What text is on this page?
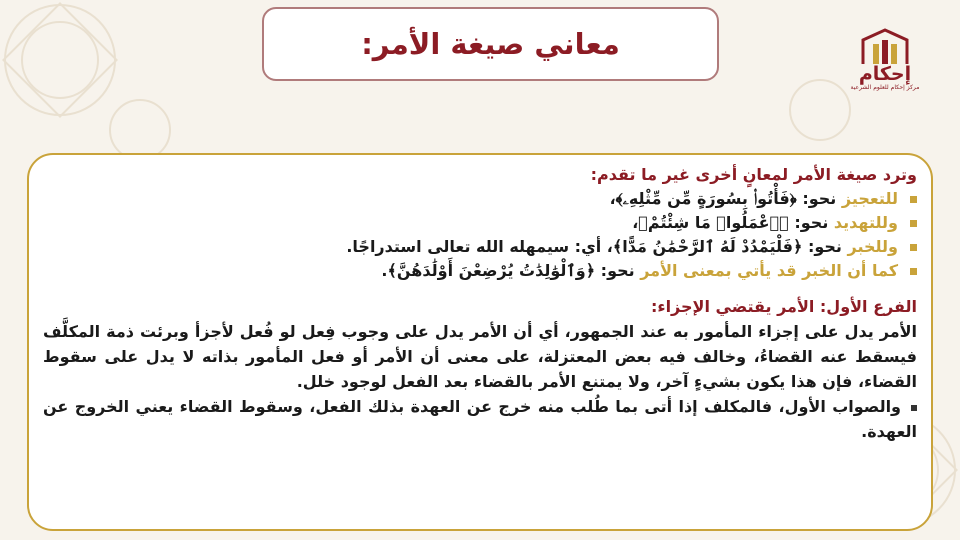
معاني صيغة الأمر:
إحكام
مركز إحكام للعلوم الشرعية
وترد صيغة الأمر لمعانٍ أخرى غير ما تقدم:
للتعجيز نحو: ﴿فَأْتُوا۟ بِسُورَةٍ مِّن مِّثْلِهِۦ﴾،
وللتهديد نحو: ﴿ٱعْمَلُوا۟ مَا شِئْتُمْ﴾،
وللخبر نحو: ﴿فَلْيَمْدُدْ لَهُ ٱلرَّحْمَٰنُ مَدًّا﴾، أي: سيمهله الله تعالى استدراجًا.
كما أن الخبر قد يأتي بمعنى الأمر نحو: ﴿وَٱلْوَٰلِدَٰتُ يُرْضِعْنَ أَوْلَٰدَهُنَّ﴾.
الفرع الأول: الأمر يقتضي الإجزاء:
الأمر يدل على إجزاء المأمور به عند الجمهور، أي أن الأمر يدل على وجوب فِعل لو فُعل لأجزأ وبرئت ذمة المكلَّف فيسقط عنه القضاءُ، وخالف فيه بعض المعتزلة، على معنى أن الأمر أو فعل المأمور بذاته لا يدل على سقوط القضاء، فإن هذا يكون بشيءٍ آخر، ولا يمتنع الأمر بالقضاء بعد الفعل لوجود خلل.
والصواب الأول، فالمكلف إذا أتى بما طُلب منه خرج عن العهدة بذلك الفعل، وسقوط القضاء يعني الخروج عن العهدة.
